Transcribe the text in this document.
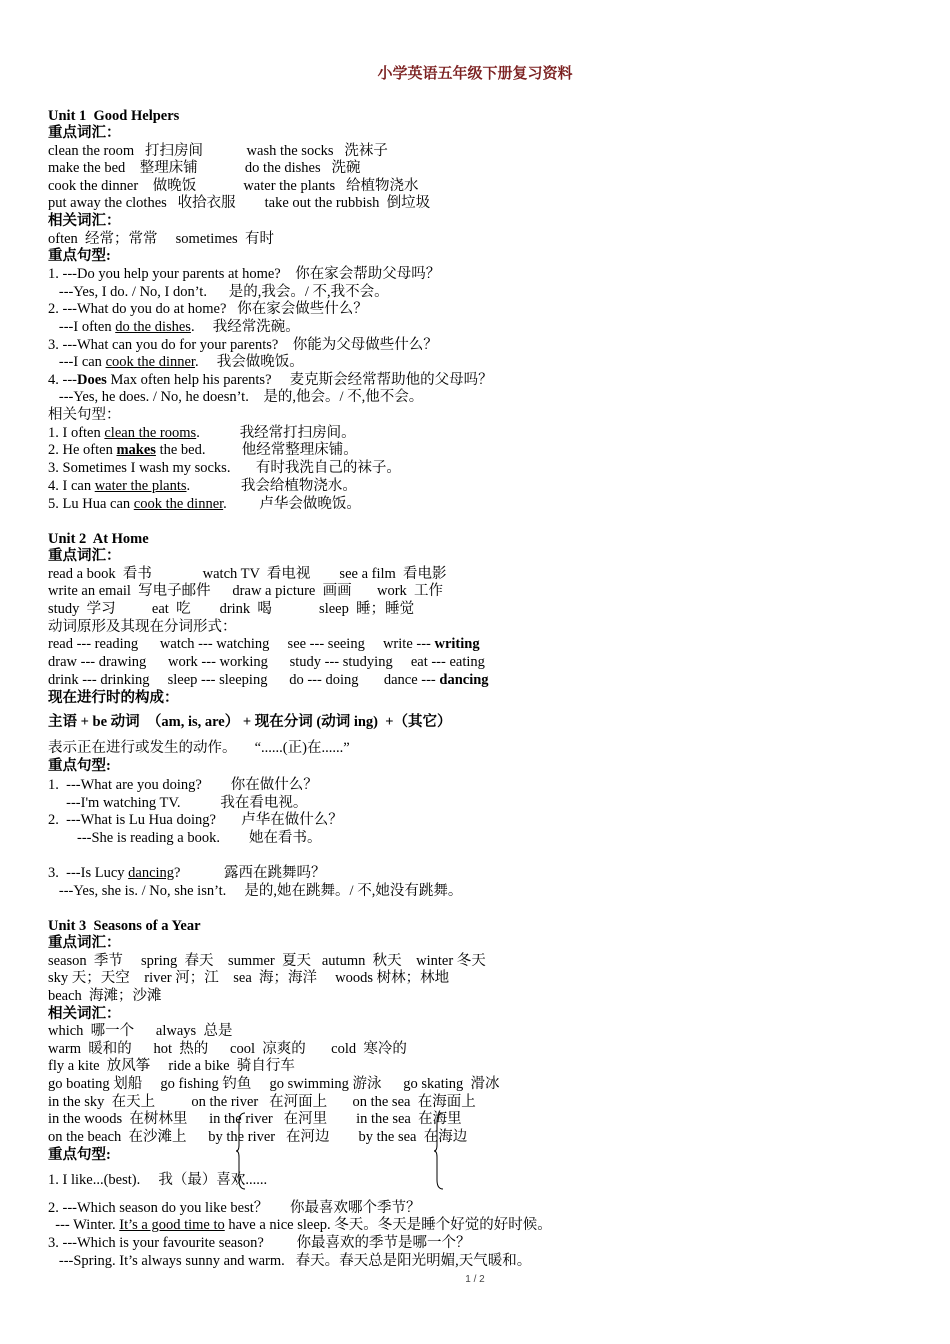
小学英语五年级下册复习资料
Unit 1  Good Helpers
重点词汇：
clean the room   打扫房间            wash the socks   洗袜子
make the bed    整理床铺             do the dishes   洗碗
cook the dinner    做晚饭             water the plants   给植物浇水
put away the clothes   收拾衣服        take out the rubbish  倒垃圾
相关词汇：
often  经常；常常     sometimes  有时
重点句型:
1. ---Do you help your parents at home?    你在家会帮助父母吗？
---Yes, I do. / No, I don’t.      是的,我会。/ 不,我不会。
2. ---What do you do at home?   你在家会做些什么？
---I often do the dishes.     我经常洗碗。
3. ---What can you do for your parents?    你能为父母做些什么？
---I can cook the dinner.     我会做晚饭。
4. ---Does Max often help his parents?     麦克斯会经常帮助他的父母吗？
---Yes, he does. / No, he doesn’t.    是的,他会。/ 不,他不会。
相关句型：
1. I often clean the rooms.           我经常打扫房间。
2. He often makes the bed.          他经常整理床铺。
3. Sometimes I wash my socks.       有时我洗自己的袜子。
4. I can water the plants.              我会给植物浇水。
5. Lu Hua can cook the dinner.         卢华会做晚饭。
Unit 2  At Home
重点词汇：
read a book  看书              watch TV  看电视        see a film  看电影
write an email  写电子邮件      draw a picture  画画       work  工作
study  学习          eat  吃        drink  喝             sleep  睡；睡觉
动词原形及其现在分词形式：
read --- reading      watch --- watching     see --- seeing     write --- writing
draw --- drawing      work --- working      study --- studying     eat --- eating
drink --- drinking     sleep --- sleeping      do --- doing       dance --- dancing
现在进行时的构成：
主语 + be 动词  （am, is, are） + 现在分词 (动词 ing)  +（其它）
表示正在进行或发生的动作。     “......(正)在......”
重点句型:
1.  ---What are you doing?        你在做什么？
---I'm watching TV.           我在看电视。
2.  ---What is Lu Hua doing?       卢华在做什么？
---She is reading a book.        她在看书。
3.  ---Is Lucy dancing?            露西在跳舞吗？
---Yes, she is. / No, she isn’t.     是的,她在跳舞。/ 不,她没有跳舞。
Unit 3  Seasons of a Year
重点词汇：
season  季节     spring  春天    summer  夏天   autumn  秋天    winter 冬天
sky 天；天空    river 河；江    sea  海；海洋     woods 树林；林地
beach  海滩；沙滩
相关词汇：
which  哪一个      always  总是
warm  暖和的      hot  热的      cool  凉爽的       cold  寒冷的
fly a kite  放风筝     ride a bike  骑自行车
go boating 划船     go fishing 钓鱼     go swimming 游泳      go skating  滑冰
in the sky  在天上          on the river   在河面上       on the sea  在海面上
in the woods  在树林里      in the river   在河里        in the sea  在海里
on the beach  在沙滩上      by the river   在河边        by the sea  在海边
重点句型:
1. I like...(best).     我（最）喜欢......
2. ---Which season do you like best？      你最喜欢哪个季节？
--- Winter. It’s a good time to have a nice sleep. 冬天。冬天是睡个好觉的好时候。
3. ---Which is your favourite season?         你最喜欢的季节是哪一个？
---Spring. It’s always sunny and warm.   春天。春天总是阳光明媚,天气暖和。
1 / 2
